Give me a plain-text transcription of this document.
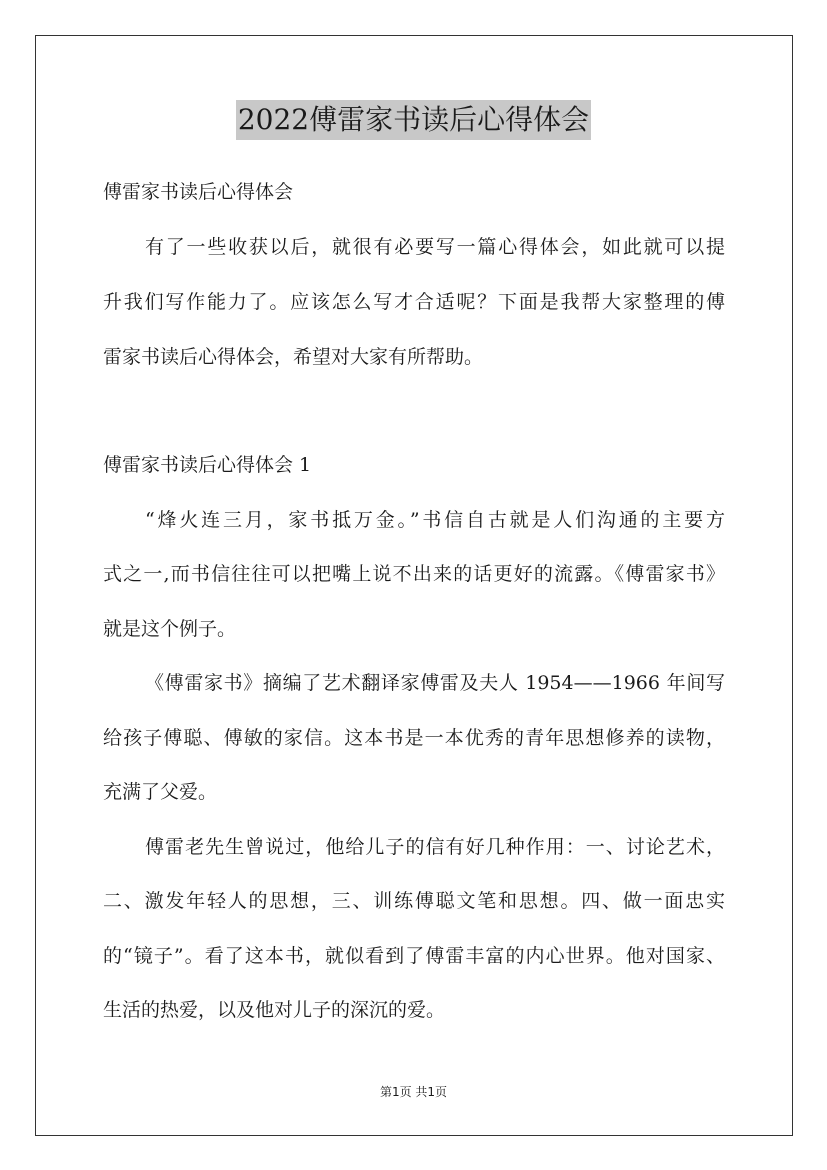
2022傅雷家书读后心得体会
傅雷家书读后心得体会
有了一些收获以后，就很有必要写一篇心得体会，如此就可以提
升我们写作能力了。应该怎么写才合适呢？下面是我帮大家整理的傅
雷家书读后心得体会，希望对大家有所帮助。
傅雷家书读后心得体会 1
“烽火连三月，家书抵万金。”书信自古就是人们沟通的主要方
式之一,而书信往往可以把嘴上说不出来的话更好的流露。《傅雷家书》
就是这个例子。
《傅雷家书》摘编了艺术翻译家傅雷及夫人 1954——1966 年间写
给孩子傅聪、傅敏的家信。这本书是一本优秀的青年思想修养的读物，
充满了父爱。
傅雷老先生曾说过，他给儿子的信有好几种作用：一、讨论艺术，
二、激发年轻人的思想，三、训练傅聪文笔和思想。四、做一面忠实
的“镜子”。看了这本书，就似看到了傅雷丰富的内心世界。他对国家、
生活的热爱，以及他对儿子的深沉的爱。
第1页 共1页
